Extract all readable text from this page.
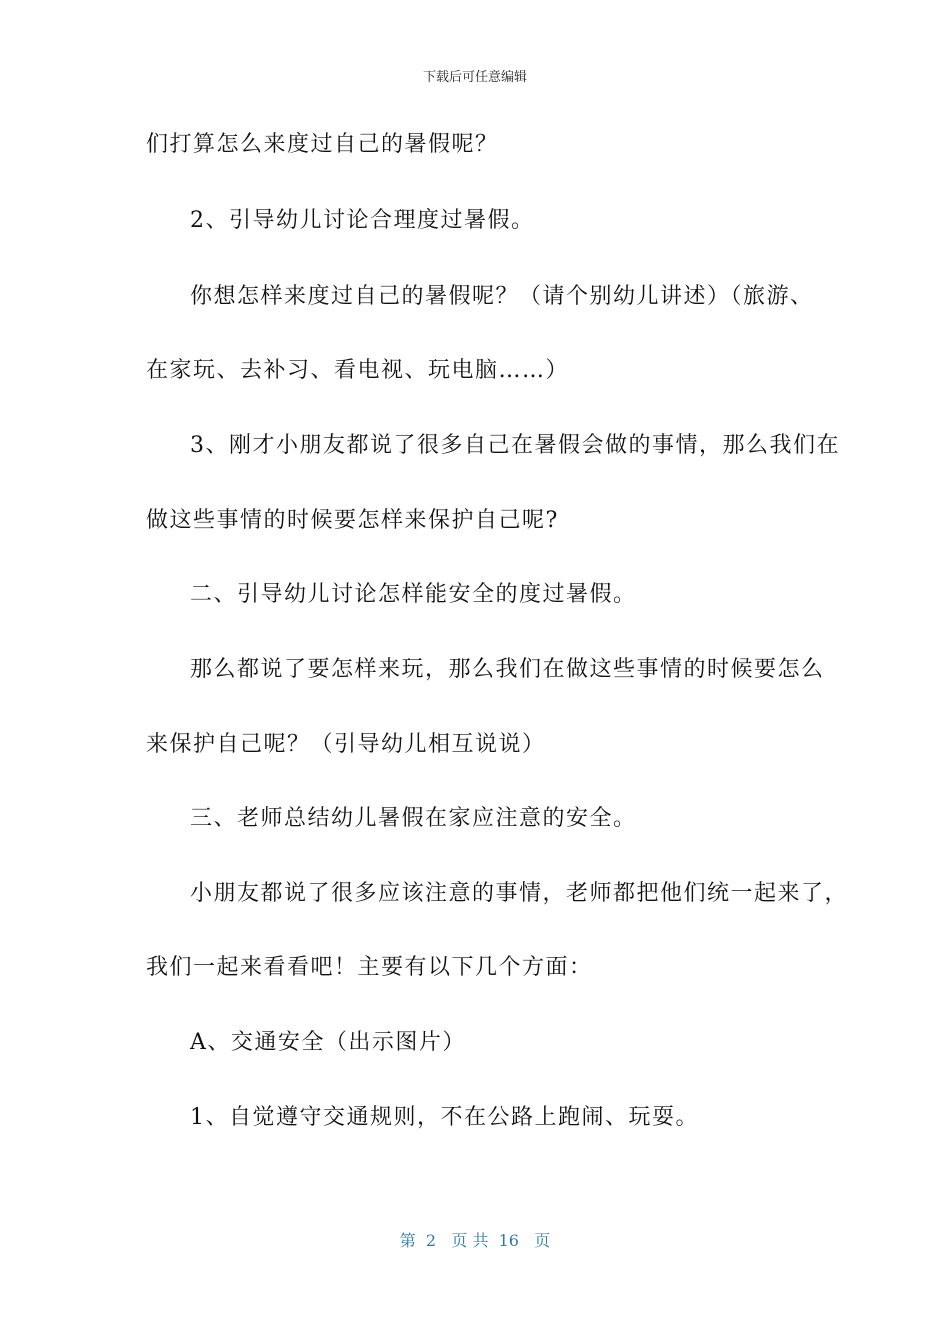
下载后可任意编辑
们打算怎么来度过自己的暑假呢？
2、引导幼儿讨论合理度过暑假。
你想怎样来度过自己的暑假呢？（请个别幼儿讲述）（旅游、
在家玩、去补习、看电视、玩电脑……）
3、刚才小朋友都说了很多自己在暑假会做的事情，那么我们在
做这些事情的时候要怎样来保护自己呢?
二、引导幼儿讨论怎样能安全的度过暑假。
那么都说了要怎样来玩，那么我们在做这些事情的时候要怎么
来保护自己呢？（引导幼儿相互说说）
三、老师总结幼儿暑假在家应注意的安全。
小朋友都说了很多应该注意的事情，老师都把他们统一起来了，
我们一起来看看吧！主要有以下几个方面：
A、交通安全（出示图片）
1、自觉遵守交通规则，不在公路上跑闹、玩耍。
第  2   页 共  16   页
